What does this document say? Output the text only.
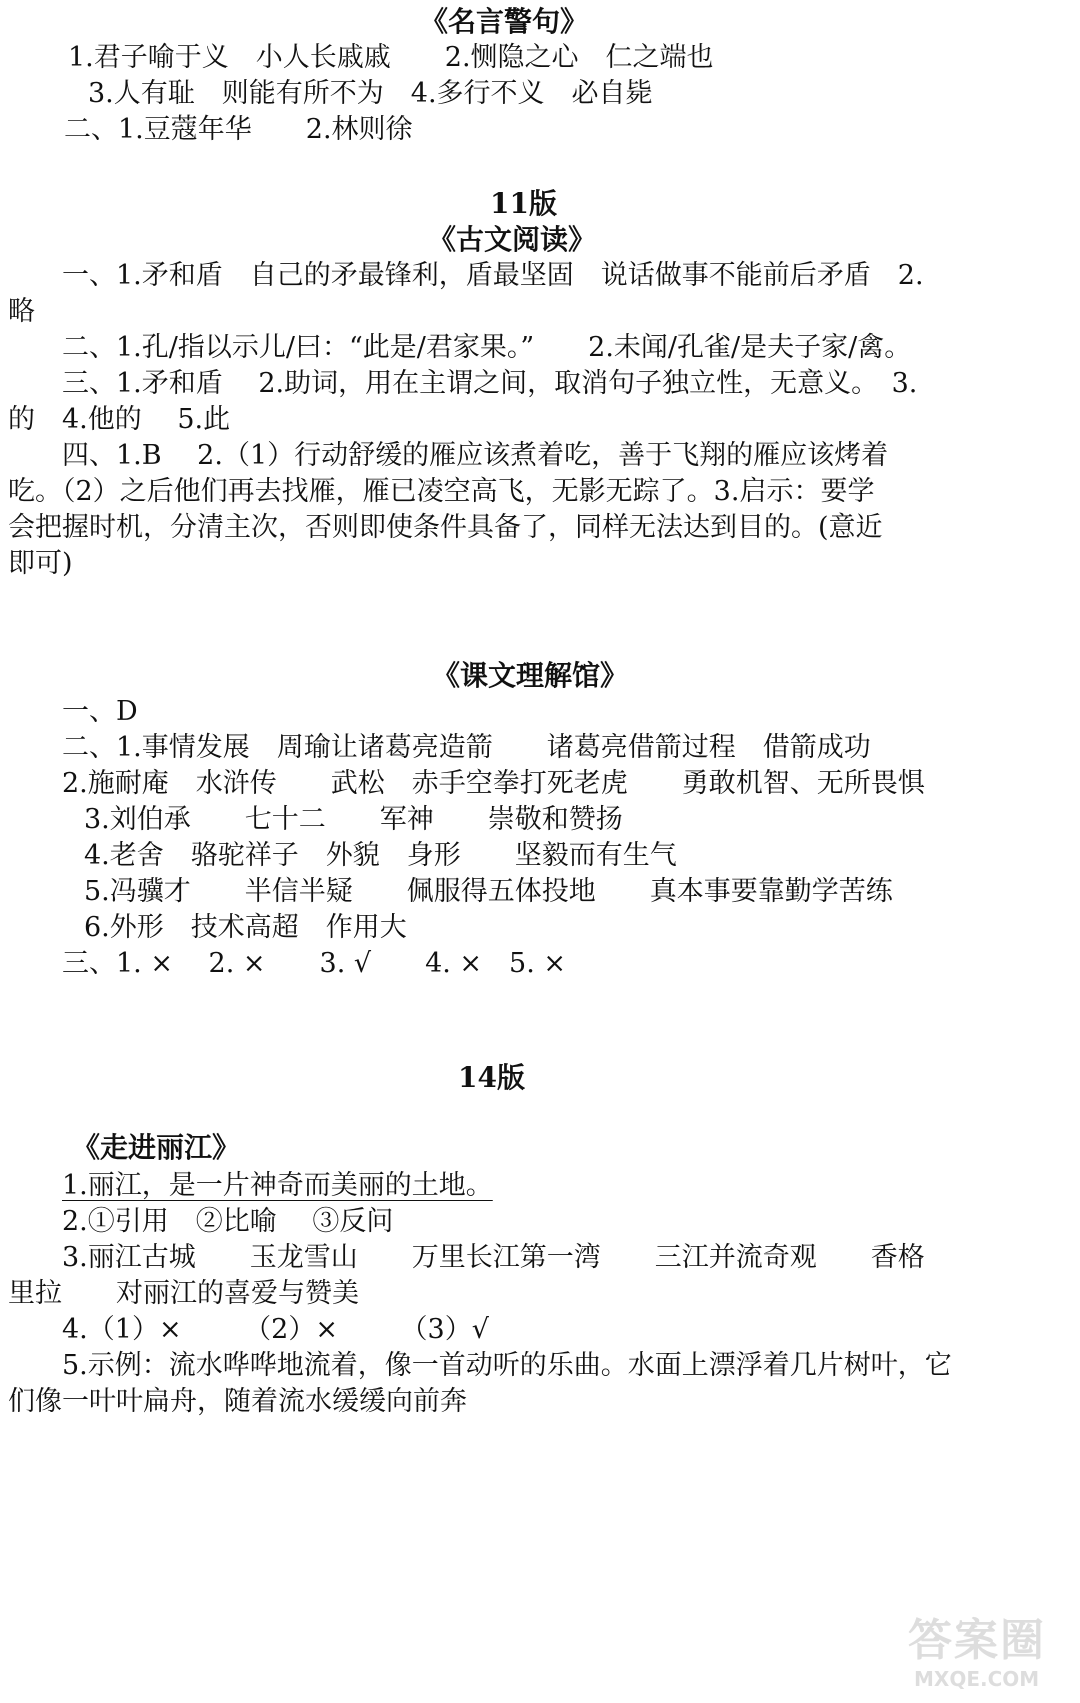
《名言警句》
1.君子喻于义　小人长戚戚　　2.恻隐之心　仁之端也
3.人有耻　则能有所不为　4.多行不义　必自毙
二、1.豆蔻年华　　2.林则徐
11版
《古文阅读》
一、1.矛和盾　自己的矛最锋利，盾最坚固　说话做事不能前后矛盾　2.
略
二、1.孔/指以示儿/曰：“此是/君家果。”　　2.未闻/孔雀/是夫子家/禽。
三、1.矛和盾　 2.助词，用在主谓之间，取消句子独立性，无意义。　3.
的　4.他的　 5.此
四、1.B　 2.（1）行动舒缓的雁应该煮着吃，善于飞翔的雁应该烤着
吃。（2）之后他们再去找雁，雁已凌空高飞，无影无踪了。3.启示：要学
会把握时机，分清主次，否则即使条件具备了，同样无法达到目的。(意近
即可)
《课文理解馆》
一、D
二、1.事情发展　周瑜让诸葛亮造箭　　诸葛亮借箭过程　借箭成功
2.施耐庵　水浒传　　武松　赤手空拳打死老虎　　勇敢机智、无所畏惧
3.刘伯承　　七十二　　军神　　崇敬和赞扬
4.老舍　骆驼祥子　外貌　身形　　坚毅而有生气
5.冯骥才　　半信半疑　　佩服得五体投地　　真本事要靠勤学苦练
6.外形　技术高超　作用大
三、1. ×　 2. ×　　3. √　　4. ×　5. ×
14版
《走进丽江》
1.丽江，是一片神奇而美丽的土地。
2.①引用　②比喻　 ③反问
3.丽江古城　　玉龙雪山　　万里长江第一湾　　三江并流奇观　　香格
里拉　　对丽江的喜爱与赞美
4.（1）×　　 （2）×　　 （3）√
5.示例：流水哗哗地流着，像一首动听的乐曲。水面上漂浮着几片树叶，它
们像一叶叶扁舟，随着流水缓缓向前奔
答案圈
MXQE.COM
